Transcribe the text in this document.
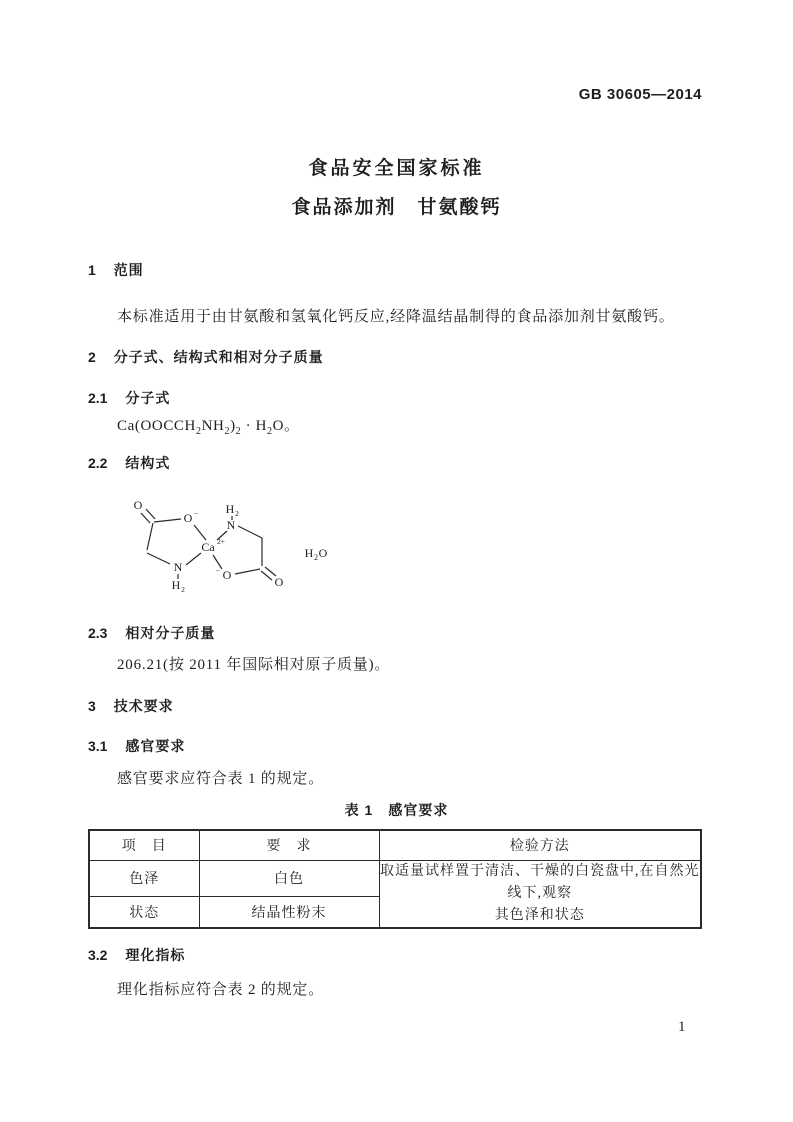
GB 30605—2014
食品安全国家标准
食品添加剂　甘氨酸钙
1 范围
本标准适用于由甘氨酸和氢氧化钙反应,经降温结晶制得的食品添加剂甘氨酸钙。
2 分子式、结构式和相对分子质量
2.1 分子式
$Ca(OOCCH_2NH_2)_2 \cdot H_2O$。
2.2 结构式
O
O −
Ca 2+
N
H 2
N
H 2
− O	O
H 2 O
2.3 相对分子质量
206.21(按 2011 年国际相对原子质量)。
3 技术要求
3.1 感官要求
感官要求应符合表 1 的规定。
表 1　感官要求
项　目	要　求	检验方法
色泽	白色	取适量试样置于清洁、干燥的白瓷盘中,在自然光线下,观察
其色泽和状态

状态	结晶性粉末	
3.2 理化指标
理化指标应符合表 2 的规定。
1
